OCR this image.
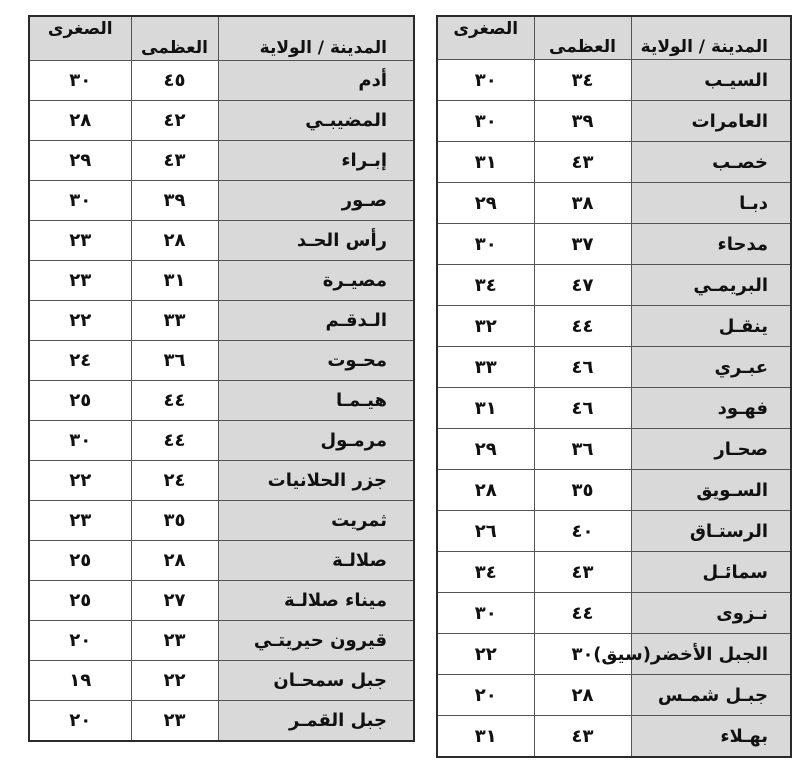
الصغرى	العظمى	المدينة / الولاية
٣٠	٤٥	أدم
٢٨	٤٢	المضيبـي
٢٩	٤٣	إبـراء
٣٠	٣٩	صـور
٢٣	٢٨	رأس الحـد
٢٣	٣١	مصيـرة
٢٢	٣٣	الـدقـم
٢٤	٣٦	محـوت
٢٥	٤٤	هيـمـا
٣٠	٤٤	مرمـول
٢٢	٢٤	جزر الحلانيات
٢٣	٣٥	ثمريت
٢٥	٢٨	صلالـة
٢٥	٢٧	ميناء صلالـة
٢٠	٢٣	قيرون حيريتـي
١٩	٢٢	جبل سمحـان
٢٠	٢٣	جبل القمـر
الصغرى	العظمى	المدينة / الولاية
٣٠	٣٤	السيـب
٣٠	٣٩	العامرات
٣١	٤٣	خصـب
٢٩	٣٨	دبـا
٣٠	٣٧	مدحاء
٣٤	٤٧	البريمـي
٣٢	٤٤	ينقـل
٣٣	٤٦	عبـري
٣١	٤٦	فهـود
٢٩	٣٦	صحـار
٢٨	٣٥	السـويق
٢٦	٤٠	الرستـاق
٣٤	٤٣	سمائـل
٣٠	٤٤	نـزوى
٢٢	٣٠	الجبل الأخضر(سيق)
٢٠	٢٨	جبـل شمـس
٣١	٤٣	بهـلاء
